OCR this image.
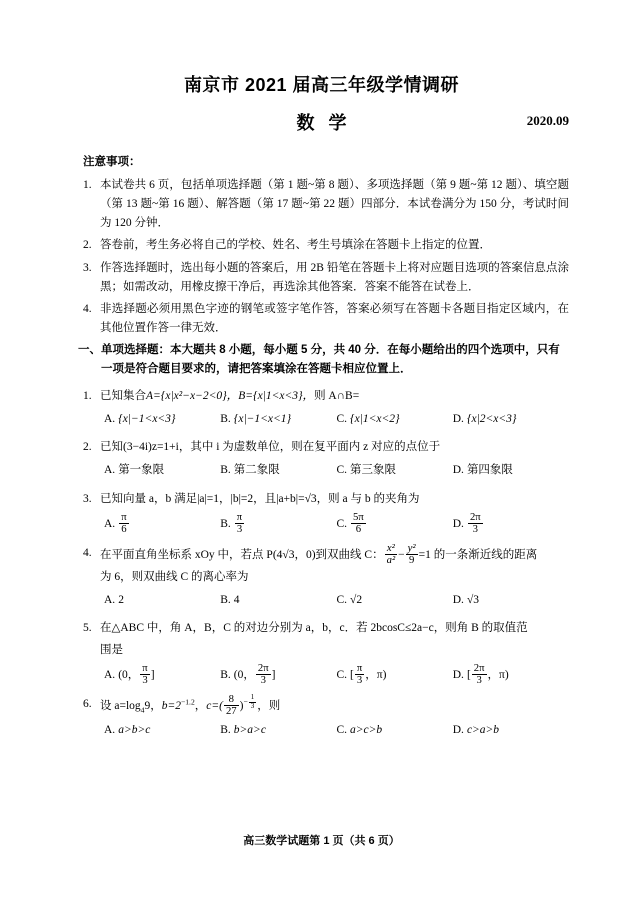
南京市 2021 届高三年级学情调研
数学	2020.09
注意事项：
1. 本试卷共 6 页，包括单项选择题（第 1 题~第 8 题）、多项选择题（第 9 题~第 12 题）、填空题（第 13 题~第 16 题）、解答题（第 17 题~第 22 题）四部分．本试卷满分为 150 分，考试时间为 120 分钟．
2. 答卷前，考生务必将自己的学校、姓名、考生号填涂在答题卡上指定的位置．
3. 作答选择题时，选出每小题的答案后，用 2B 铅笔在答题卡上将对应题目选项的答案信息点涂黑；如需改动，用橡皮擦干净后，再选涂其他答案．答案不能答在试卷上．
4. 非选择题必须用黑色字迹的钢笔或签字笔作答，答案必须写在答题卡各题目指定区域内，在其他位置作答一律无效．
一、 单项选择题：本大题共 8 小题，每小题 5 分，共 40 分．在每小题给出的四个选项中，只有一项是符合题目要求的，请把答案填涂在答题卡相应位置上．
1. 已知集合A={x|x²−x−2<0}，B={x|1<x<3}，则 A∩B=
A. {x|−1<x<3}	B. {x|−1<x<1}	C. {x|1<x<2}	D. {x|2<x<3}
2. 已知(3−4i)z=1+i，其中 i 为虚数单位，则在复平面内 z 对应的点位于
A. 第一象限	B. 第二象限	C. 第三象限	D. 第四象限
3. 已知向量 a，b 满足|a|=1，|b|=2，且|a+b|=√3，则 a 与 b 的夹角为
A. $\frac{\pi}{6}$	B. $\frac{\pi}{3}$	C. $\frac{5\pi}{6}$	D. $\frac{2\pi}{3}$
4. 在平面直角坐标系 xOy 中，若点 P(4√3，0)到双曲线 C： $\frac{\text{x²}}{\text{a²}} - \frac{\text{y²}}{9} =1$ 的一条渐近线的距离
为 6，则双曲线 C 的离心率为
A. 2	B. 4	C. √2	D. √3
5. 在△ABC 中，角 A，B，C 的对边分别为 a，b，c．若 2bcosC≤2a−c，则角 B 的取值范
围是
A. (0， $\frac{\pi}{3}$ ]	B. (0， $\frac{2\pi}{3}$ ]	C. [ $\frac{\pi}{3}$ ，π)	D. [ $\frac{2\pi}{3}$ ，π)
6. 设 $a=\log_49$，$b=2^{-1.2}$，$c=( \frac{8}{27} )^{- \frac{1}{3}}$ ，则
A. a>b>c	B. b>a>c	C. a>c>b	D. c>a>b
高三数学试题第 1 页（共 6 页）
